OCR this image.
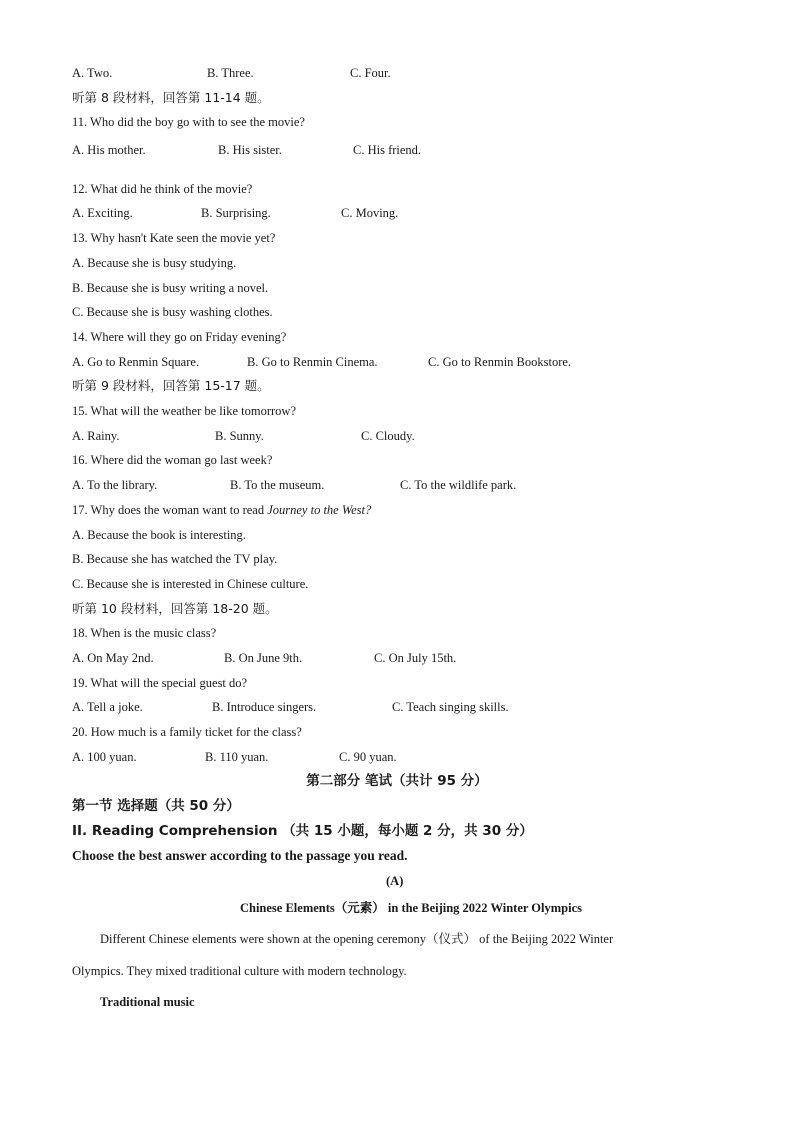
A. Two.	B. Three.	C. Four.
听第 8 段材料，回答第 11-14 题。
11. Who did the boy go with to see the movie?
A. His mother.	B. His sister.	C. His friend.
12. What did he think of the movie?
A. Exciting.	B. Surprising.	C. Moving.
13. Why hasn't Kate seen the movie yet?
A. Because she is busy studying.
B. Because she is busy writing a novel.
C. Because she is busy washing clothes.
14. Where will they go on Friday evening?
A. Go to Renmin Square.	B. Go to Renmin Cinema.	C. Go to Renmin Bookstore.
听第 9 段材料，回答第 15-17 题。
15. What will the weather be like tomorrow?
A. Rainy.	B. Sunny.	C. Cloudy.
16. Where did the woman go last week?
A. To the library.	B. To the museum.	C. To the wildlife park.
17. Why does the woman want to read Journey to the West?
A. Because the book is interesting.
B. Because she has watched the TV play.
C. Because she is interested in Chinese culture.
听第 10 段材料，回答第 18-20 题。
18. When is the music class?
A. On May 2nd.	B. On June 9th.	C. On July 15th.
19. What will the special guest do?
A. Tell a joke.	B. Introduce singers.	C. Teach singing skills.
20. How much is a family ticket for the class?
A. 100 yuan.	B. 110 yuan.	C. 90 yuan.
第二部分 笔试（共计 95 分）
第一节 选择题（共 50 分）
II. Reading Comprehension （共 15 小题，每小题 2 分，共 30 分）
Choose the best answer according to the passage you read.
(A)
Chinese Elements（元素） in the Beijing 2022 Winter Olympics
Different Chinese elements were shown at the opening ceremony（仪式） of the Beijing 2022 Winter
Olympics. They mixed traditional culture with modern technology.
Traditional music
